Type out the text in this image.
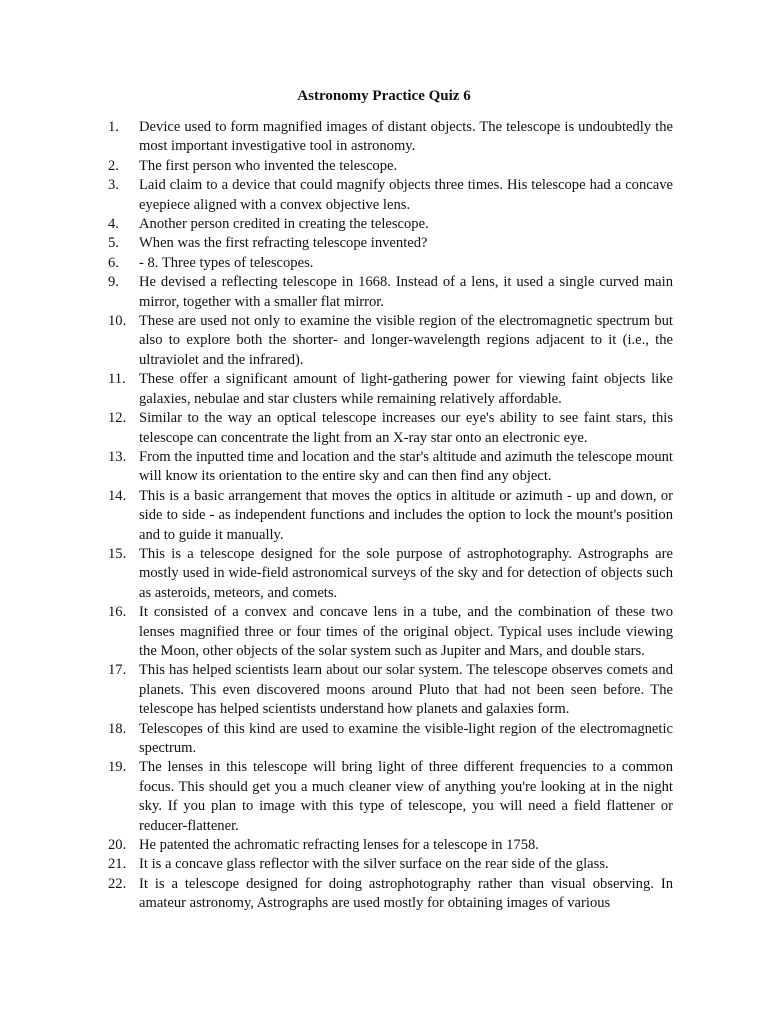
Astronomy Practice Quiz 6
1.	Device used to form magnified images of distant objects. The telescope is undoubtedly the most important investigative tool in astronomy.
2.	The first person who invented the telescope.
3.	Laid claim to a device that could magnify objects three times. His telescope had a concave eyepiece aligned with a convex objective lens.
4.	Another person credited in creating the telescope.
5.	When was the first refracting telescope invented?
6.	- 8. Three types of telescopes.
9.	He devised a reflecting telescope in 1668. Instead of a lens, it used a single curved main mirror, together with a smaller flat mirror.
10. These are used not only to examine the visible region of the electromagnetic spectrum but also to explore both the shorter- and longer-wavelength regions adjacent to it (i.e., the ultraviolet and the infrared).
11. These offer a significant amount of light-gathering power for viewing faint objects like galaxies, nebulae and star clusters while remaining relatively affordable.
12. Similar to the way an optical telescope increases our eye's ability to see faint stars, this telescope can concentrate the light from an X-ray star onto an electronic eye.
13. From the inputted time and location and the star's altitude and azimuth the telescope mount will know its orientation to the entire sky and can then find any object.
14. This is a basic arrangement that moves the optics in altitude or azimuth - up and down, or side to side - as independent functions and includes the option to lock the mount's position and to guide it manually.
15. This is a telescope designed for the sole purpose of astrophotography. Astrographs are mostly used in wide-field astronomical surveys of the sky and for detection of objects such as asteroids, meteors, and comets.
16. It consisted of a convex and concave lens in a tube, and the combination of these two lenses magnified three or four times of the original object. Typical uses include viewing the Moon, other objects of the solar system such as Jupiter and Mars, and double stars.
17. This has helped scientists learn about our solar system. The telescope observes comets and planets. This even discovered moons around Pluto that had not been seen before. The telescope has helped scientists understand how planets and galaxies form.
18. Telescopes of this kind are used to examine the visible-light region of the electromagnetic spectrum.
19. The lenses in this telescope will bring light of three different frequencies to a common focus. This should get you a much cleaner view of anything you're looking at in the night sky. If you plan to image with this type of telescope, you will need a field flattener or reducer-flattener.
20. He patented the achromatic refracting lenses for a telescope in 1758.
21. It is a concave glass reflector with the silver surface on the rear side of the glass.
22. It is a telescope designed for doing astrophotography rather than visual observing. In amateur astronomy, Astrographs are used mostly for obtaining images of various
